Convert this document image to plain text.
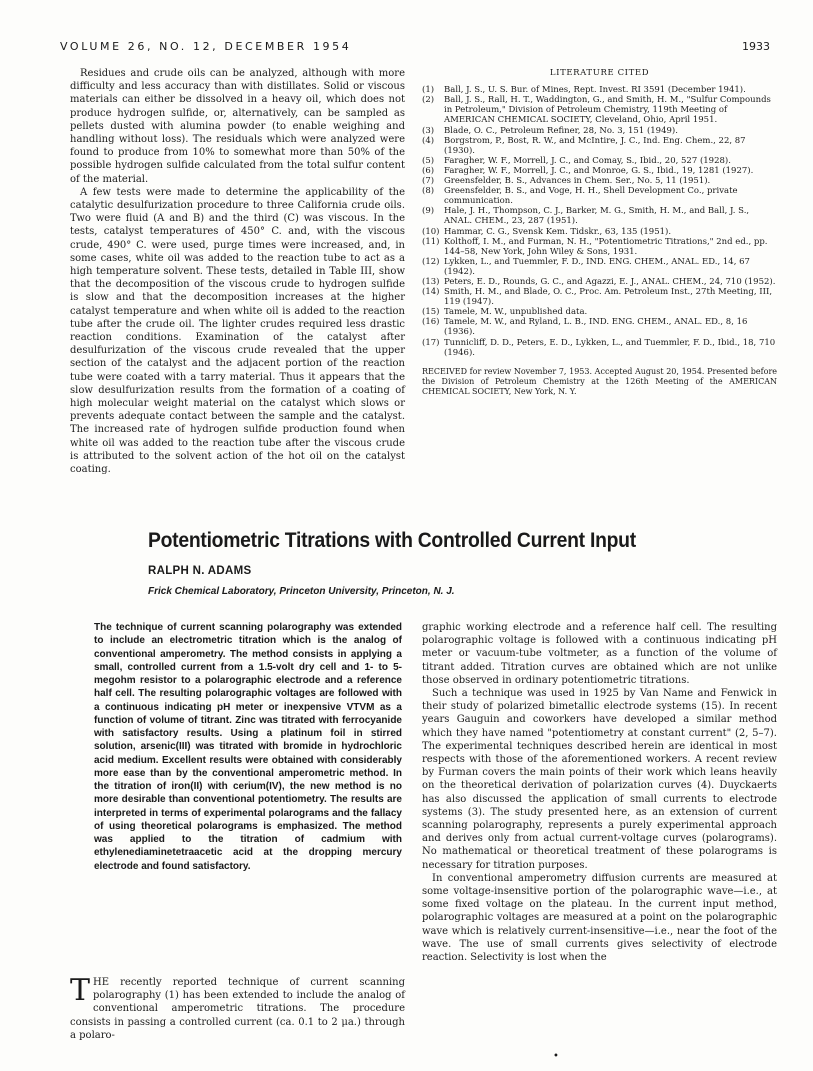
VOLUME 26, NO. 12, DECEMBER 1954	1933

Residues and crude oils can be analyzed, although with more difficulty and less accuracy than with distillates. Solid or viscous materials can either be dissolved in a heavy oil, which does not produce hydrogen sulfide, or, alternatively, can be sampled as pellets dusted with alumina powder (to enable weighing and handling without loss). The residuals which were analyzed were found to produce from 10% to somewhat more than 50% of the possible hydrogen sulfide calculated from the total sulfur content of the material.

A few tests were made to determine the applicability of the catalytic desulfurization procedure to three California crude oils. Two were fluid (A and B) and the third (C) was viscous. In the tests, catalyst temperatures of 450° C. and, with the viscous crude, 490° C. were used, purge times were increased, and, in some cases, white oil was added to the reaction tube to act as a high temperature solvent. These tests, detailed in Table III, show that the decomposition of the viscous crude to hydrogen sulfide is slow and that the decomposition increases at the higher catalyst temperature and when white oil is added to the reaction tube after the crude oil. The lighter crudes required less drastic reaction conditions. Examination of the catalyst after desulfurization of the viscous crude revealed that the upper section of the catalyst and the adjacent portion of the reaction tube were coated with a tarry material. Thus it appears that the slow desulfurization results from the formation of a coating of high molecular weight material on the catalyst which slows or prevents adequate contact between the sample and the catalyst. The increased rate of hydrogen sulfide production found when white oil was added to the reaction tube after the viscous crude is attributed to the solvent action of the hot oil on the catalyst coating.

LITERATURE CITED
(1) Ball, J. S., U. S. Bur. of Mines, Rept. Invest. RI 3591 (December 1941).
(2) Ball, J. S., Rall, H. T., Waddington, G., and Smith, H. M., "Sulfur Compounds in Petroleum," Division of Petroleum Chemistry, 119th Meeting of AMERICAN CHEMICAL SOCIETY, Cleveland, Ohio, April 1951.
(3) Blade, O. C., Petroleum Refiner, 28, No. 3, 151 (1949).
(4) Borgstrom, P., Bost, R. W., and McIntire, J. C., Ind. Eng. Chem., 22, 87 (1930).
(5) Faragher, W. F., Morrell, J. C., and Comay, S., Ibid., 20, 527 (1928).
(6) Faragher, W. F., Morrell, J. C., and Monroe, G. S., Ibid., 19, 1281 (1927).
(7) Greensfelder, B. S., Advances in Chem. Ser., No. 5, 11 (1951).
(8) Greensfelder, B. S., and Voge, H. H., Shell Development Co., private communication.
(9) Hale, J. H., Thompson, C. J., Barker, M. G., Smith, H. M., and Ball, J. S., ANAL. CHEM., 23, 287 (1951).
(10) Hammar, C. G., Svensk Kem. Tidskr., 63, 135 (1951).
(11) Kolthoff, I. M., and Furman, N. H., "Potentiometric Titrations," 2nd ed., pp. 144–58, New York, John Wiley & Sons, 1931.
(12) Lykken, L., and Tuemmler, F. D., IND. ENG. CHEM., ANAL. ED., 14, 67 (1942).
(13) Peters, E. D., Rounds, G. C., and Agazzi, E. J., ANAL. CHEM., 24, 710 (1952).
(14) Smith, H. M., and Blade, O. C., Proc. Am. Petroleum Inst., 27th Meeting, III, 119 (1947).
(15) Tamele, M. W., unpublished data.
(16) Tamele, M. W., and Ryland, L. B., IND. ENG. CHEM., ANAL. ED., 8, 16 (1936).
(17) Tunnicliff, D. D., Peters, E. D., Lykken, L., and Tuemmler, F. D., Ibid., 18, 710 (1946).
RECEIVED for review November 7, 1953. Accepted August 20, 1954. Presented before the Division of Petroleum Chemistry at the 126th Meeting of the AMERICAN CHEMICAL SOCIETY, New York, N. Y.
Potentiometric Titrations with Controlled Current Input
RALPH N. ADAMS
Frick Chemical Laboratory, Princeton University, Princeton, N. J.
The technique of current scanning polarography was extended to include an electrometric titration which is the analog of conventional amperometry. The method consists in applying a small, controlled current from a 1.5-volt dry cell and 1- to 5-megohm resistor to a polarographic electrode and a reference half cell. The resulting polarographic voltages are followed with a continuous indicating pH meter or inexpensive VTVM as a function of volume of titrant. Zinc was titrated with ferrocyanide with satisfactory results. Using a platinum foil in stirred solution, arsenic(III) was titrated with bromide in hydrochloric acid medium. Excellent results were obtained with considerably more ease than by the conventional amperometric method. In the titration of iron(II) with cerium(IV), the new method is no more desirable than conventional potentiometry. The results are interpreted in terms of experimental polarograms and the fallacy of using theoretical polarograms is emphasized. The method was applied to the titration of cadmium with ethylenediaminetetraacetic acid at the dropping mercury electrode and found satisfactory.
THE recently reported technique of current scanning polarography (1) has been extended to include the analog of conventional amperometric titrations. The procedure consists in passing a controlled current (ca. 0.1 to 2 μa.) through a polaro-

graphic working electrode and a reference half cell. The resulting polarographic voltage is followed with a continuous indicating pH meter or vacuum-tube voltmeter, as a function of the volume of titrant added. Titration curves are obtained which are not unlike those observed in ordinary potentiometric titrations.

Such a technique was used in 1925 by Van Name and Fenwick in their study of polarized bimetallic electrode systems (15). In recent years Gauguin and coworkers have developed a similar method which they have named "potentiometry at constant current" (2, 5–7). The experimental techniques described herein are identical in most respects with those of the aforementioned workers. A recent review by Furman covers the main points of their work which leans heavily on the theoretical derivation of polarization curves (4). Duyckaerts has also discussed the application of small currents to electrode systems (3). The study presented here, as an extension of current scanning polarography, represents a purely experimental approach and derives only from actual current-voltage curves (polarograms). No mathematical or theoretical treatment of these polarograms is necessary for titration purposes.

In conventional amperometry diffusion currents are measured at some voltage-insensitive portion of the polarographic wave—i.e., at some fixed voltage on the plateau. In the current input method, polarographic voltages are measured at a point on the polarographic wave which is relatively current-insensitive—i.e., near the foot of the wave. The use of small currents gives selectivity of electrode reaction. Selectivity is lost when the

•
